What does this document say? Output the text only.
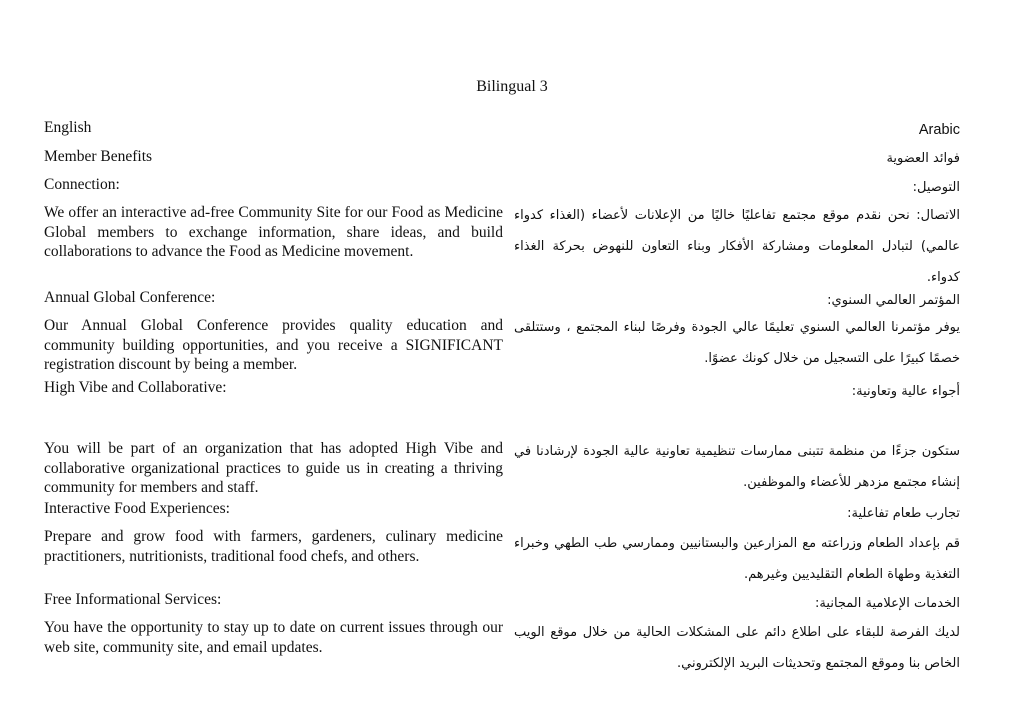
Bilingual 3
English	Arabic
Member Benefits	فوائد العضوية
Connection:	التوصيل:
We offer an interactive ad-free Community Site for our Food as Medicine Global members to exchange information, share ideas, and build collaborations to advance the Food as Medicine movement.
الاتصال: نحن نقدم موقع مجتمع تفاعليًا خاليًا من الإعلانات لأعضاء (الغذاء كدواء عالمي) لتبادل المعلومات ومشاركة الأفكار وبناء التعاون للنهوض بحركة الغذاء كدواء.
Annual Global Conference:	المؤتمر العالمي السنوي:
Our Annual Global Conference provides quality education and community building opportunities, and you receive a SIGNIFICANT registration discount by being a member.
يوفر مؤتمرنا العالمي السنوي تعليمًا عالي الجودة وفرصًا لبناء المجتمع ، وستتلقى خصمًا كبيرًا على التسجيل من خلال كونك عضوًا.
High Vibe and Collaborative:	أجواء عالية وتعاونية:
You will be part of an organization that has adopted High Vibe and collaborative organizational practices to guide us in creating a thriving community for members and staff.
ستكون جزءًا من منظمة تتبنى ممارسات تنظيمية تعاونية عالية الجودة لإرشادنا في إنشاء مجتمع مزدهر للأعضاء والموظفين.
Interactive Food Experiences:	تجارب طعام تفاعلية:
Prepare and grow food with farmers, gardeners, culinary medicine practitioners, nutritionists, traditional food chefs, and others.
قم بإعداد الطعام وزراعته مع المزارعين والبستانيين وممارسي طب الطهي وخبراء التغذية وطهاة الطعام التقليديين وغيرهم.
Free Informational Services:	الخدمات الإعلامية المجانية:
You have the opportunity to stay up to date on current issues through our web site, community site, and email updates.
لديك الفرصة للبقاء على اطلاع دائم على المشكلات الحالية من خلال موقع الويب الخاص بنا وموقع المجتمع وتحديثات البريد الإلكتروني.
